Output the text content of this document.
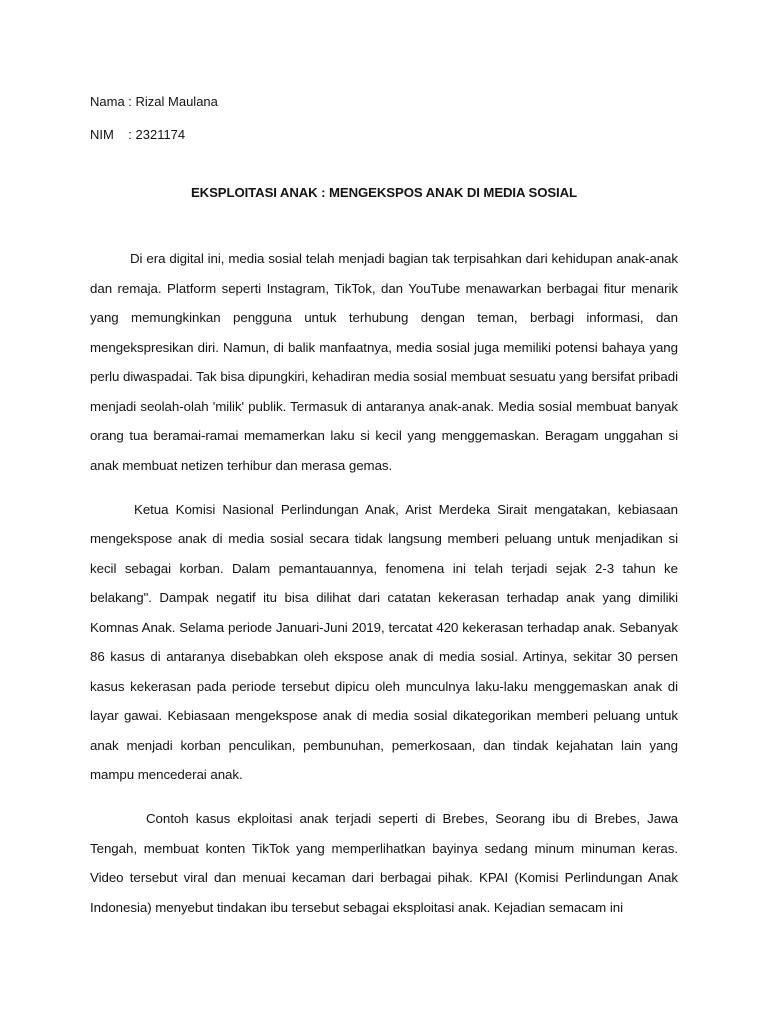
Nama : Rizal Maulana
NIM    : 2321174
EKSPLOITASI ANAK : MENGEKSPOS ANAK DI MEDIA SOSIAL

Di era digital ini, media sosial telah menjadi bagian tak terpisahkan dari kehidupan anak-anak dan remaja. Platform seperti Instagram, TikTok, dan YouTube menawarkan berbagai fitur menarik yang memungkinkan pengguna untuk terhubung dengan teman, berbagi informasi, dan mengekspresikan diri. Namun, di balik manfaatnya, media sosial juga memiliki potensi bahaya yang perlu diwaspadai. Tak bisa dipungkiri, kehadiran media sosial membuat sesuatu yang bersifat pribadi menjadi seolah-olah 'milik' publik. Termasuk di antaranya anak-anak. Media sosial membuat banyak orang tua beramai-ramai memamerkan laku si kecil yang menggemaskan. Beragam unggahan si anak membuat netizen terhibur dan merasa gemas.

Ketua Komisi Nasional Perlindungan Anak, Arist Merdeka Sirait mengatakan, kebiasaan mengekspose anak di media sosial secara tidak langsung memberi peluang untuk menjadikan si kecil sebagai korban. Dalam pemantauannya, fenomena ini telah terjadi sejak 2-3 tahun ke belakang". Dampak negatif itu bisa dilihat dari catatan kekerasan terhadap anak yang dimiliki Komnas Anak. Selama periode Januari-Juni 2019, tercatat 420 kekerasan terhadap anak. Sebanyak 86 kasus di antaranya disebabkan oleh ekspose anak di media sosial. Artinya, sekitar 30 persen kasus kekerasan pada periode tersebut dipicu oleh munculnya laku-laku menggemaskan anak di layar gawai. Kebiasaan mengekspose anak di media sosial dikategorikan memberi peluang untuk anak menjadi korban penculikan, pembunuhan, pemerkosaan, dan tindak kejahatan lain yang mampu mencederai anak.

Contoh kasus ekploitasi anak terjadi seperti di Brebes, Seorang ibu di Brebes, Jawa Tengah, membuat konten TikTok yang memperlihatkan bayinya sedang minum minuman keras. Video tersebut viral dan menuai kecaman dari berbagai pihak. KPAI (Komisi Perlindungan Anak Indonesia) menyebut tindakan ibu tersebut sebagai eksploitasi anak. Kejadian semacam ini
